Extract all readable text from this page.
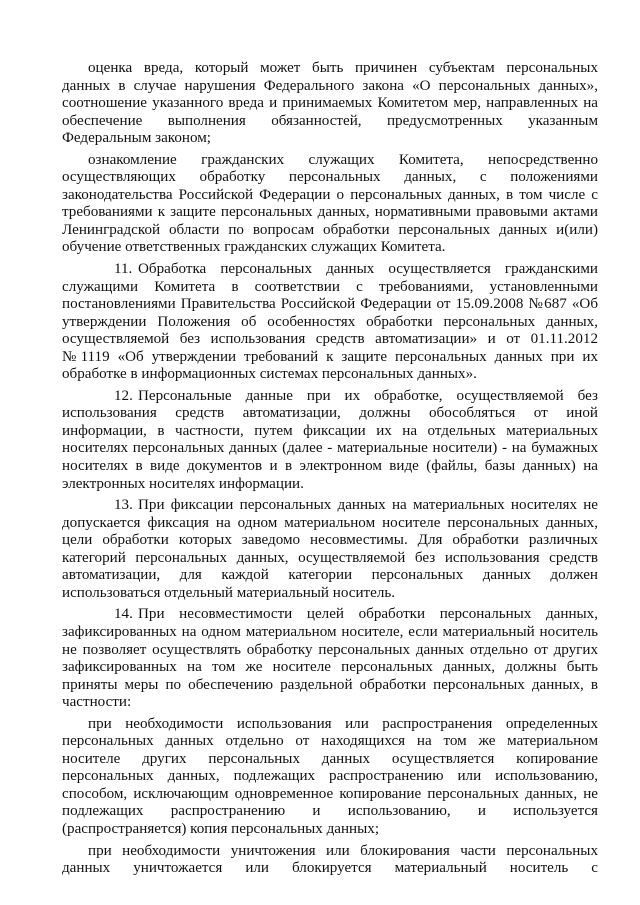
оценка вреда, который может быть причинен субъектам персональных
данных в случае нарушения Федерального закона «О персональных данных»,
соотношение указанного вреда и принимаемых Комитетом мер, направленных на
обеспечение выполнения обязанностей, предусмотренных указанным
Федеральным законом;
ознакомление гражданских служащих Комитета, непосредственно
осуществляющих обработку персональных данных, с положениями
законодательства Российской Федерации о персональных данных, в том числе с
требованиями к защите персональных данных, нормативными правовыми актами
Ленинградской области по вопросам обработки персональных данных и(или)
обучение ответственных гражданских служащих Комитета.
11. Обработка персональных данных осуществляется гражданскими
служащими Комитета в соответствии с требованиями, установленными
постановлениями Правительства Российской Федерации от 15.09.2008 №687 «Об
утверждении Положения об особенностях обработки персональных данных,
осуществляемой без использования средств автоматизации» и от 01.11.2012
№1119 «Об утверждении требований к защите персональных данных при их
обработке в информационных системах персональных данных».
12. Персональные данные при их обработке, осуществляемой без
использования средств автоматизации, должны обособляться от иной
информации, в частности, путем фиксации их на отдельных материальных
носителях персональных данных (далее - материальные носители) - на бумажных
носителях в виде документов и в электронном виде (файлы, базы данных) на
электронных носителях информации.
13. При фиксации персональных данных на материальных носителях не
допускается фиксация на одном материальном носителе персональных данных,
цели обработки которых заведомо несовместимы. Для обработки различных
категорий персональных данных, осуществляемой без использования средств
автоматизации, для каждой категории персональных данных должен
использоваться отдельный материальный носитель.
14. При несовместимости целей обработки персональных данных,
зафиксированных на одном материальном носителе, если материальный носитель
не позволяет осуществлять обработку персональных данных отдельно от других
зафиксированных на том же носителе персональных данных, должны быть
приняты меры по обеспечению раздельной обработки персональных данных, в
частности:
при необходимости использования или распространения определенных
персональных данных отдельно от находящихся на том же материальном
носителе других персональных данных осуществляется копирование
персональных данных, подлежащих распространению или использованию,
способом, исключающим одновременное копирование персональных данных, не
подлежащих распространению и использованию, и используется
(распространяется) копия персональных данных;
при необходимости уничтожения или блокирования части персональных
данных уничтожается или блокируется материальный носитель с
